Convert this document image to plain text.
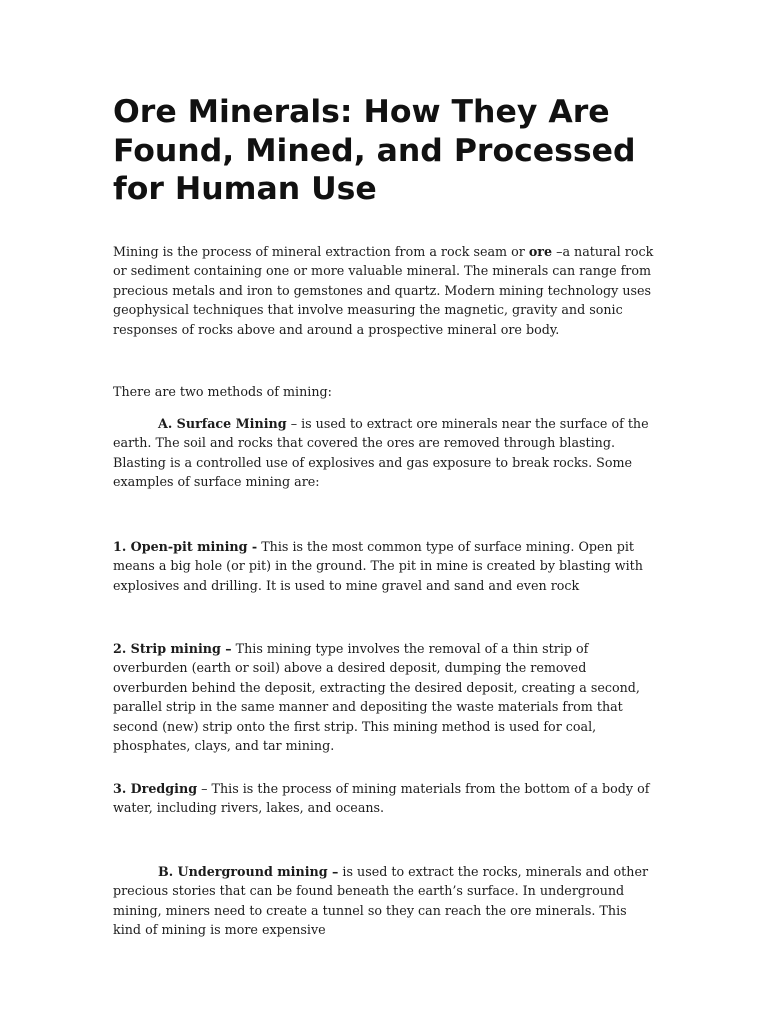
Ore Minerals: How They Are Found, Mined, and Processed for Human Use

Mining is the process of mineral extraction from a rock seam or ore –a natural rock or sediment containing one or more valuable mineral. The minerals can range from precious metals and iron to gemstones and quartz. Modern mining technology uses geophysical techniques that involve measuring the magnetic, gravity and sonic responses of rocks above and around a prospective mineral ore body.

There are two methods of mining:

A. Surface Mining – is used to extract ore minerals near the surface of the earth. The soil and rocks that covered the ores are removed through blasting. Blasting is a controlled use of explosives and gas exposure to break rocks. Some examples of surface mining are:

1. Open-pit mining - This is the most common type of surface mining. Open pit means a big hole (or pit) in the ground. The pit in mine is created by blasting with explosives and drilling. It is used to mine gravel and sand and even rock

2. Strip mining – This mining type involves the removal of a thin strip of overburden (earth or soil) above a desired deposit, dumping the removed overburden behind the deposit, extracting the desired deposit, creating a second, parallel strip in the same manner and depositing the waste materials from that second (new) strip onto the first strip. This mining method is used for coal, phosphates, clays, and tar mining.

3. Dredging – This is the process of mining materials from the bottom of a body of water, including rivers, lakes, and oceans.

B. Underground mining – is used to extract the rocks, minerals and other precious stories that can be found beneath the earth’s surface. In underground mining, miners need to create a tunnel so they can reach the ore minerals. This kind of mining is more expensive
